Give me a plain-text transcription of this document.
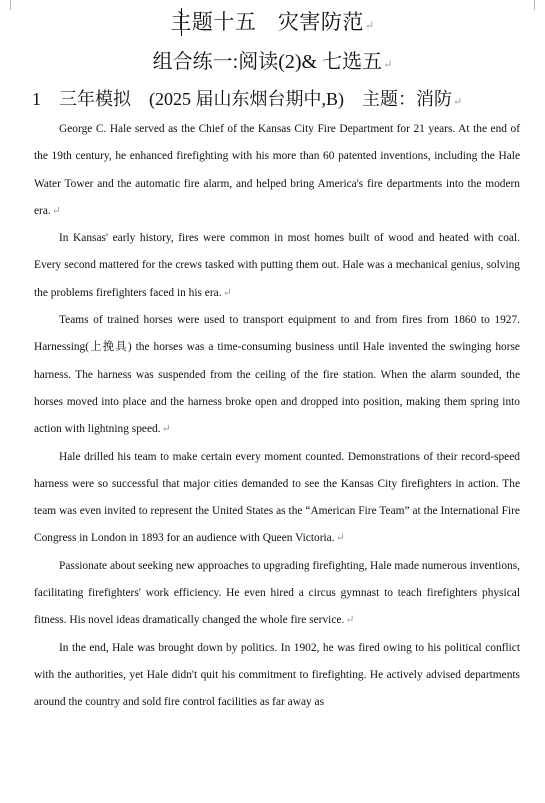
主题十五　灾害防范↵
组合练一:阅读(2)& 七选五↵
1 三年模拟　(2025 届山东烟台期中,B)　主题：消防↵

George C. Hale served as the Chief of the Kansas City Fire Department for 21 years. At the end of the 19th century, he enhanced firefighting with his more than 60 patented inventions, including the Hale Water Tower and the automatic fire alarm, and helped bring America's fire departments into the modern era.↵

In Kansas' early history, fires were common in most homes built of wood and heated with coal. Every second mattered for the crews tasked with putting them out. Hale was a mechanical genius, solving the problems firefighters faced in his era.↵

Teams of trained horses were used to transport equipment to and from fires from 1860 to 1927. Harnessing(上挽具) the horses was a time-consuming business until Hale invented the swinging horse harness. The harness was suspended from the ceiling of the fire station. When the alarm sounded, the horses moved into place and the harness broke open and dropped into position, making them spring into action with lightning speed.↵

Hale drilled his team to make certain every moment counted. Demonstrations of their record-speed harness were so successful that major cities demanded to see the Kansas City firefighters in action. The team was even invited to represent the United States as the “American Fire Team” at the International Fire Congress in London in 1893 for an audience with Queen Victoria.↵

Passionate about seeking new approaches to upgrading firefighting, Hale made numerous inventions, facilitating firefighters' work efficiency. He even hired a circus gymnast to teach firefighters physical fitness. His novel ideas dramatically changed the whole fire service.↵

In the end, Hale was brought down by politics. In 1902, he was fired owing to his political conflict with the authorities, yet Hale didn't quit his commitment to firefighting. He actively advised departments around the country and sold fire control facilities as far away as
